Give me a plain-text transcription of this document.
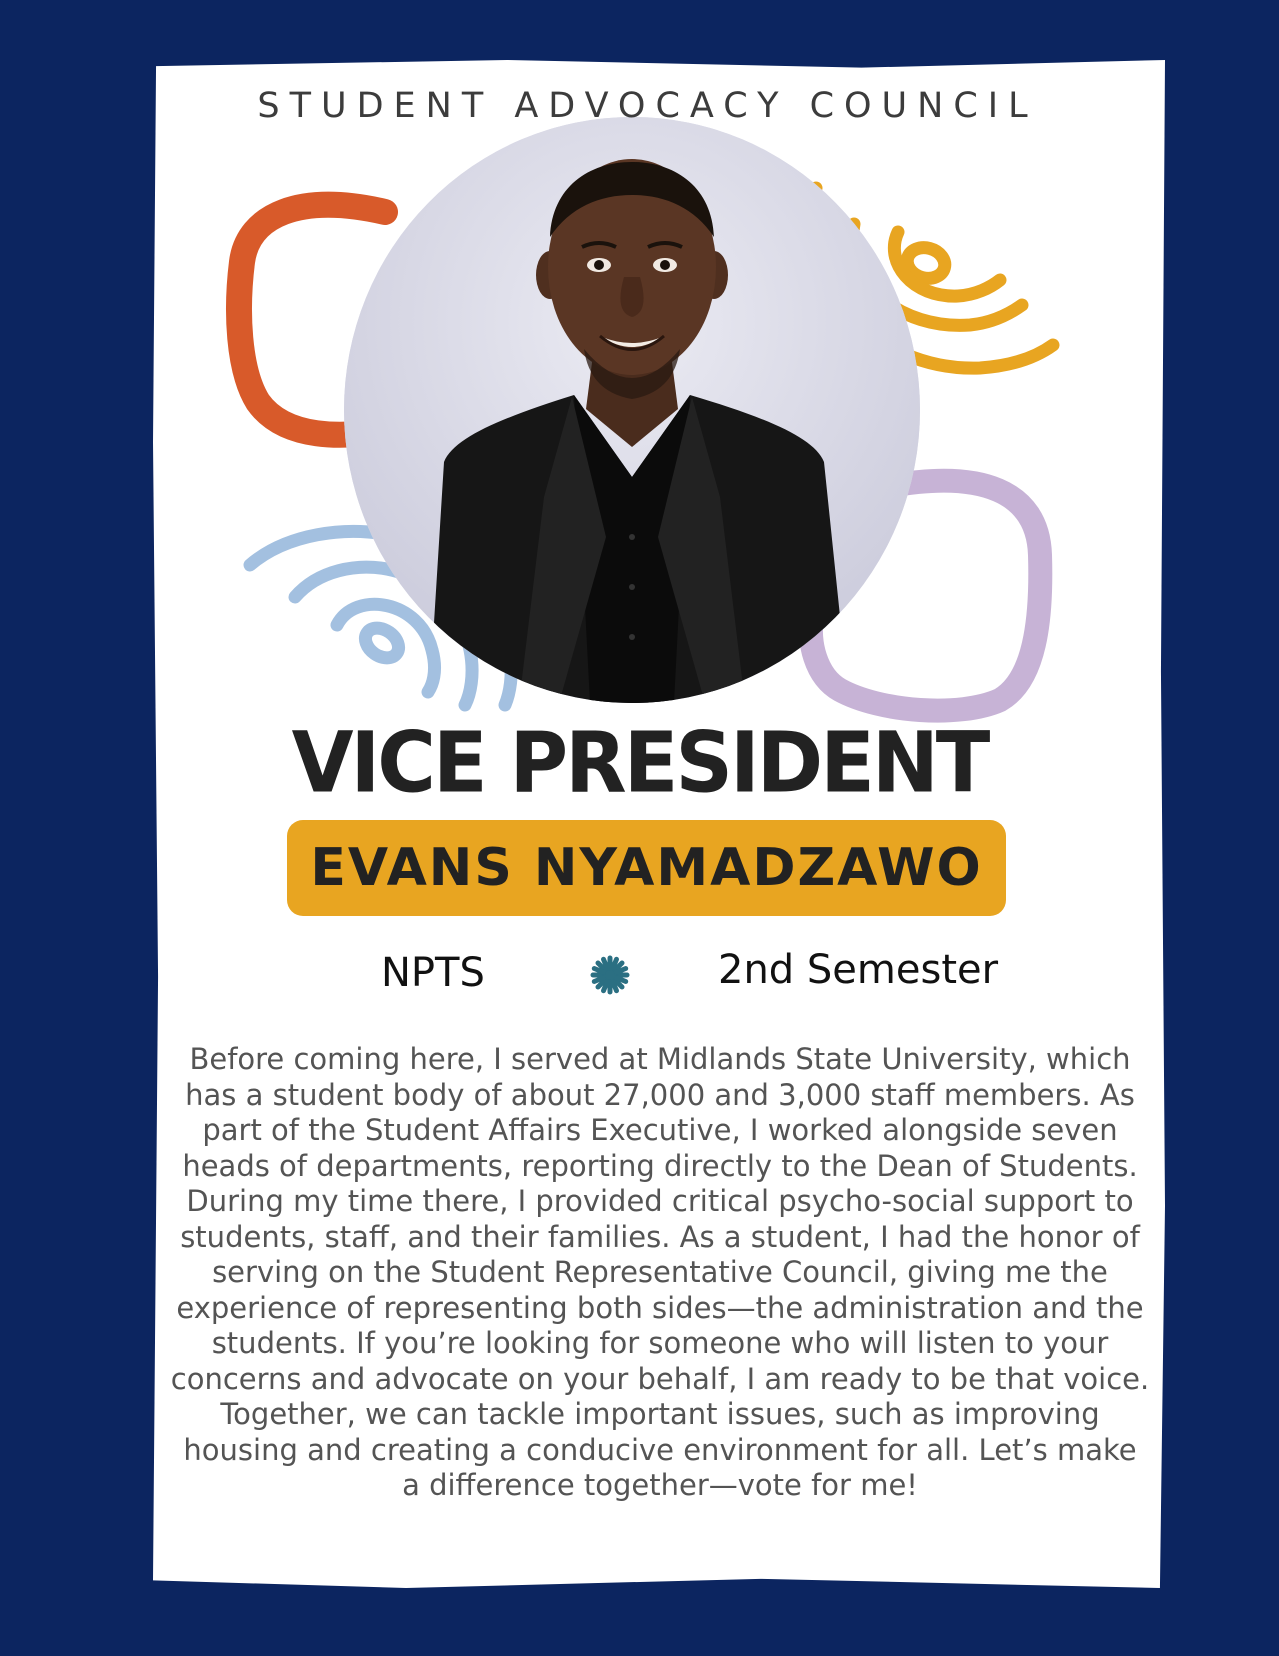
STUDENT ADVOCACY COUNCIL
VICE PRESIDENT
EVANS NYAMADZAWO
NPTS	2nd Semester
Before coming here, I served at Midlands State University, which has a student body of about 27,000 and 3,000 staff members. As part of the Student Affairs Executive, I worked alongside seven heads of departments, reporting directly to the Dean of Students. During my time there, I provided critical psycho-social support to students, staff, and their families. As a student, I had the honor of serving on the Student Representative Council, giving me the experience of representing both sides—the administration and the students. If you’re looking for someone who will listen to your concerns and advocate on your behalf, I am ready to be that voice. Together, we can tackle important issues, such as improving housing and creating a conducive environment for all. Let’s make a difference together—vote for me!
